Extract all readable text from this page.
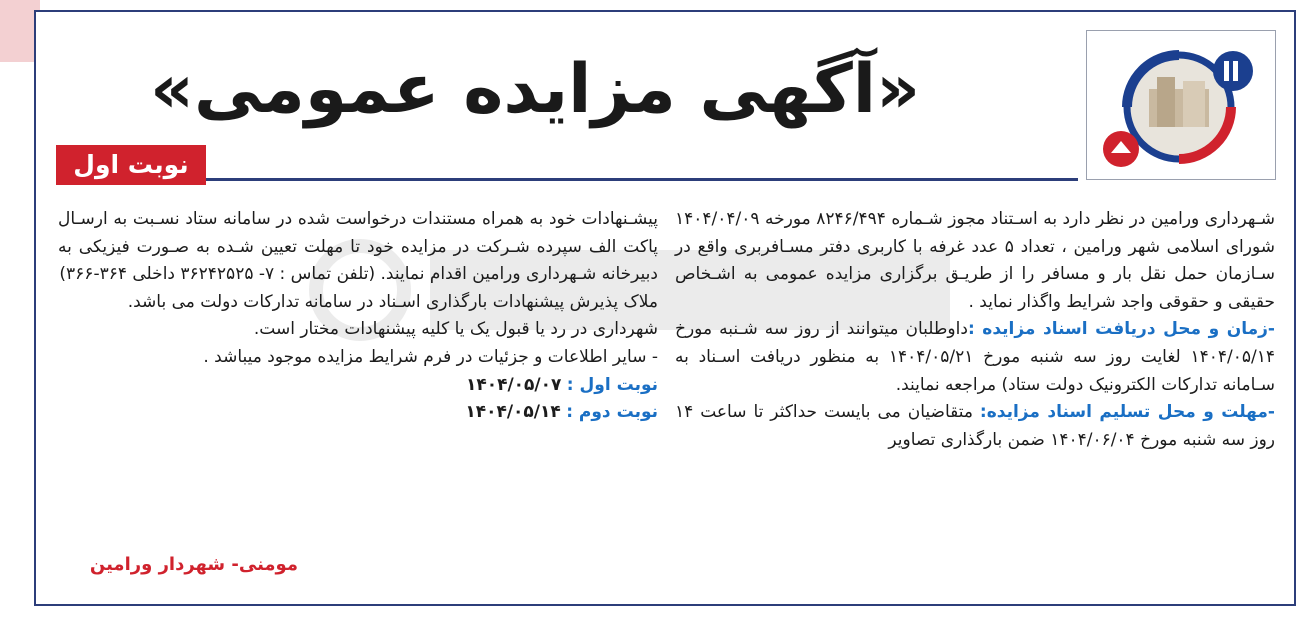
«آگهی مزایده عمومی»
نوبت اول

شـهرداری ورامین در نظر دارد به اسـتناد مجوز شـماره ۸۲۴۶/۴۹۴ مورخه ۱۴۰۴/۰۴/۰۹ شورای اسلامی شهر ورامین ، تعداد ۵ عدد غرفه با کاربری دفتر مسـافربری واقع در سـازمان حمل نقل بار و مسافر را از طریـق برگزاری مزایده عمومی به اشـخاص حقیقی و حقوقی واجد شرایط واگذار نماید .

-زمان و محل دریافت اسناد مزایده :داوطلبان میتوانند از روز سه شـنبه مورخ ۱۴۰۴/۰۵/۱۴ لغایت روز سه شنبه مورخ ۱۴۰۴/۰۵/۲۱ به منظور دریافت اسـناد به سـامانه تدارکات الکترونیک دولت ستاد) مراجعه نمایند.

-مهلت و محل تسلیم اسناد مزایده: متقاضیان می بایست حداکثر تا ساعت ۱۴ روز سه شنبه مورخ ۱۴۰۴/۰۶/۰۴ ضمن بارگذاری تصاویر

پیشـنهادات خود به همراه مستندات درخواست شده در سامانه ستاد نسـبت به ارسـال پاکت الف سپرده شـرکت در مزایده خود تا مهلت تعیین شـده به صـورت فیزیکی به دبیرخانه شـهرداری ورامین اقدام نمایند. (تلفن تماس : ۷- ۳۶۲۴۲۵۲۵ داخلی ۳۶۴-۳۶۶)

ملاک پذیرش پیشنهادات بارگذاری اسـناد در سامانه تدارکات دولت می باشد.

شهرداری در رد یا قبول یک یا کلیه پیشنهادات مختار است.

- سایر اطلاعات و جزئیات در فرم شرایط مزایده موجود میباشد .

نوبت اول : ۱۴۰۴/۰۵/۰۷

نوبت دوم : ۱۴۰۴/۰۵/۱۴

مومنی- شهردار ورامین
